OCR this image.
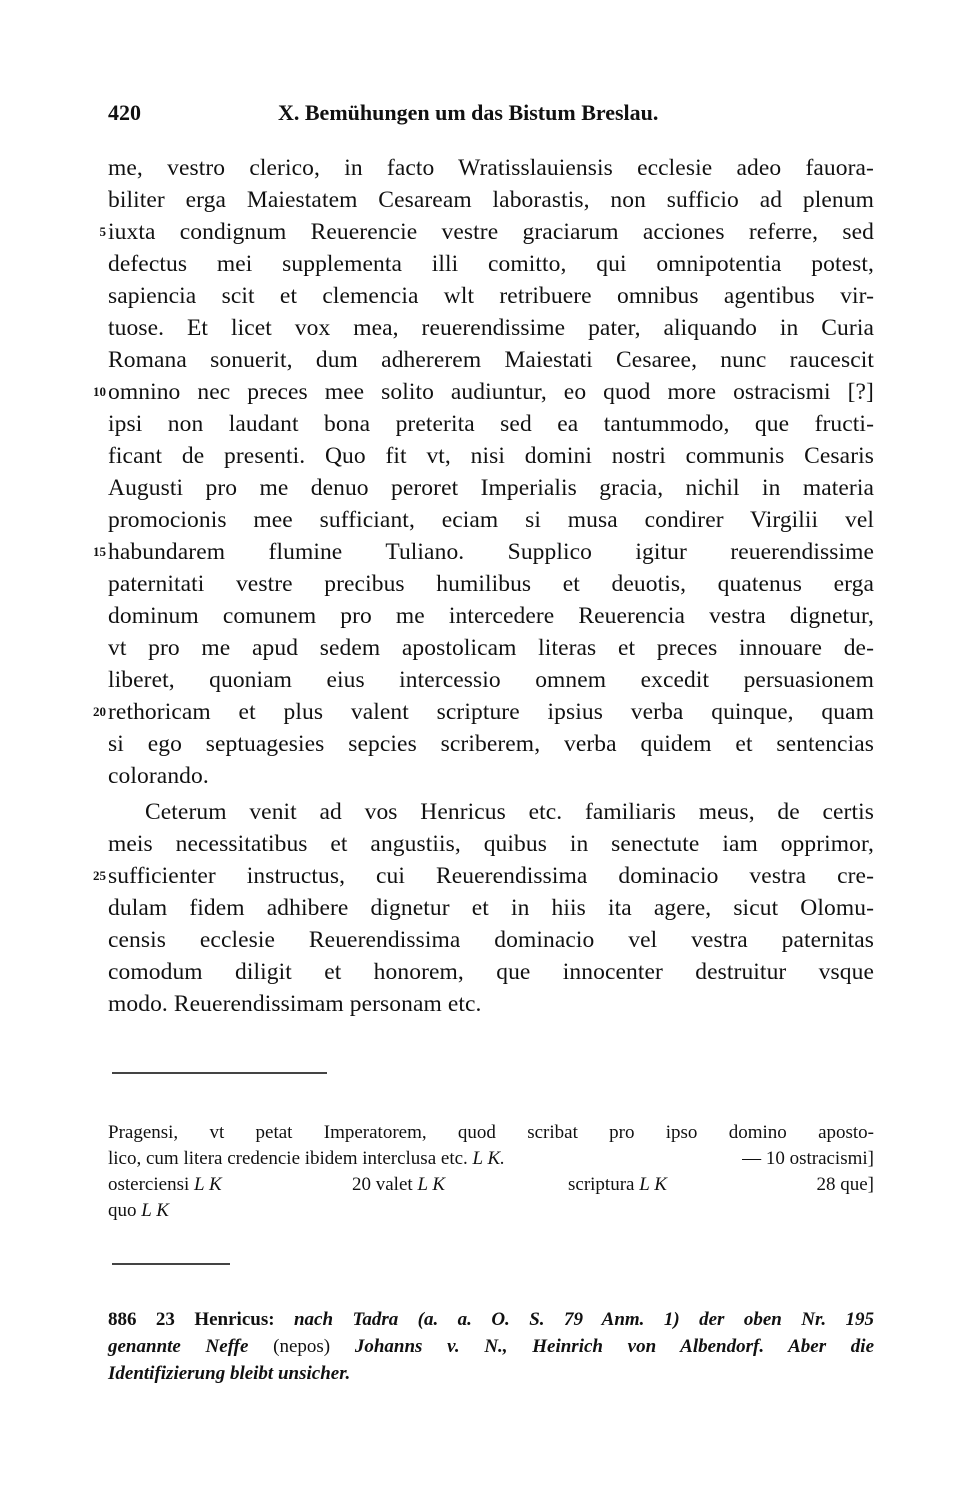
420	X. Bemühungen um das Bistum Breslau.
me, vestro clerico, in facto Wratisslauiensis ecclesie adeo fauora-
biliter erga Maiestatem Cesaream laborastis, non sufficio ad plenum
iuxta condignum Reuerencie vestre graciarum acciones referre, sed
defectus mei supplementa illi comitto, qui omnipotentia potest,
sapiencia scit et clemencia wlt retribuere omnibus agentibus vir-
tuose. Et licet vox mea, reuerendissime pater, aliquando in Curia
Romana sonuerit, dum adhererem Maiestati Cesaree, nunc raucescit
omnino nec preces mee solito audiuntur, eo quod more ostracismi [?]
ipsi non laudant bona preterita sed ea tantummodo, que fructi-
ficant de presenti. Quo fit vt, nisi domini nostri communis Cesaris
Augusti pro me denuo peroret Imperialis gracia, nichil in materia
promocionis mee sufficiant, eciam si musa condirer Virgilii vel
habundarem flumine Tuliano. Supplico igitur reuerendissime
paternitati vestre precibus humilibus et deuotis, quatenus erga
dominum comunem pro me intercedere Reuerencia vestra dignetur,
vt pro me apud sedem apostolicam literas et preces innouare de-
liberet, quoniam eius intercessio omnem excedit persuasionem
rethoricam et plus valent scripture ipsius verba quinque, quam
si ego septuagesies sepcies scriberem, verba quidem et sentencias
colorando.
Ceterum venit ad vos Henricus etc. familiaris meus, de certis
meis necessitatibus et angustiis, quibus in senectute iam opprimor,
sufficienter instructus, cui Reuerendissima dominacio vestra cre-
dulam fidem adhibere dignetur et in hiis ita agere, sicut Olomu-
censis ecclesie Reuerendissima dominacio vel vestra paternitas
comodum diligit et honorem, que innocenter destruitur vsque
modo. Reuerendissimam personam etc.
5
10
15
20
25
Pragensi, vt petat Imperatorem, quod scribat pro ipso domino aposto-
lico, cum litera credencie ibidem interclusa etc. L K.	— 10 ostracismi]
osterciensi L K	20 valet L K	scriptura L K	28 que]
quo L K
886 23 Henricus: nach Tadra (a. a. O. S. 79 Anm. 1) der oben Nr. 195
genannte Neffe (nepos) Johanns v. N., Heinrich von Albendorf. Aber die
Identifizierung bleibt unsicher.
